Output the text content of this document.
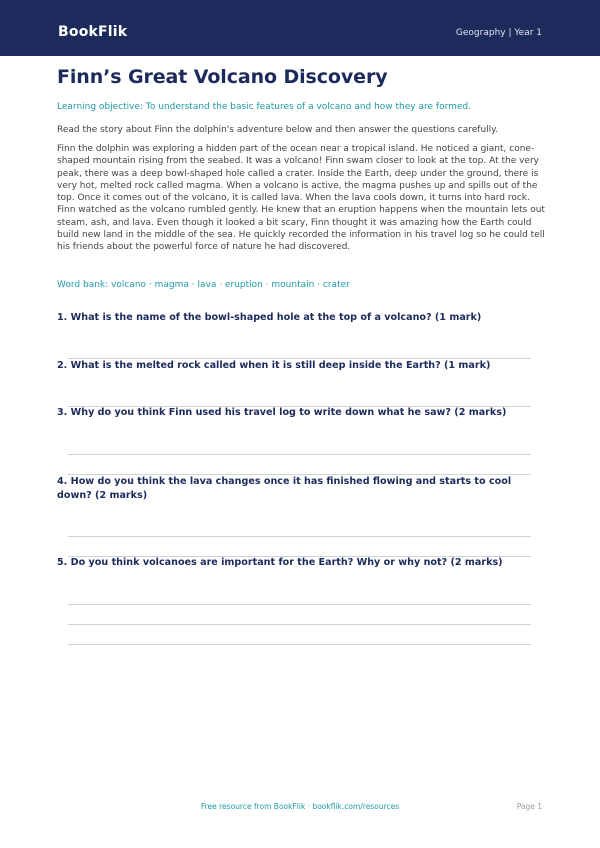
BookFlik	Geography | Year 1
Finn’s Great Volcano Discovery
Learning objective: To understand the basic features of a volcano and how they are formed.
Read the story about Finn the dolphin's adventure below and then answer the questions carefully.
Finn the dolphin was exploring a hidden part of the ocean near a tropical island. He noticed a giant, cone-shaped mountain rising from the seabed. It was a volcano! Finn swam closer to look at the top. At the very peak, there was a deep bowl-shaped hole called a crater. Inside the Earth, deep under the ground, there is very hot, melted rock called magma. When a volcano is active, the magma pushes up and spills out of the top. Once it comes out of the volcano, it is called lava. When the lava cools down, it turns into hard rock. Finn watched as the volcano rumbled gently. He knew that an eruption happens when the mountain lets out steam, ash, and lava. Even though it looked a bit scary, Finn thought it was amazing how the Earth could build new land in the middle of the sea. He quickly recorded the information in his travel log so he could tell his friends about the powerful force of nature he had discovered.
Word bank: volcano · magma · lava · eruption · mountain · crater
1. What is the name of the bowl-shaped hole at the top of a volcano? (1 mark)
2. What is the melted rock called when it is still deep inside the Earth? (1 mark)
3. Why do you think Finn used his travel log to write down what he saw? (2 marks)
4. How do you think the lava changes once it has finished flowing and starts to cool down? (2 marks)
5. Do you think volcanoes are important for the Earth? Why or why not? (2 marks)
Free resource from BookFlik · bookflik.com/resources	Page 1
